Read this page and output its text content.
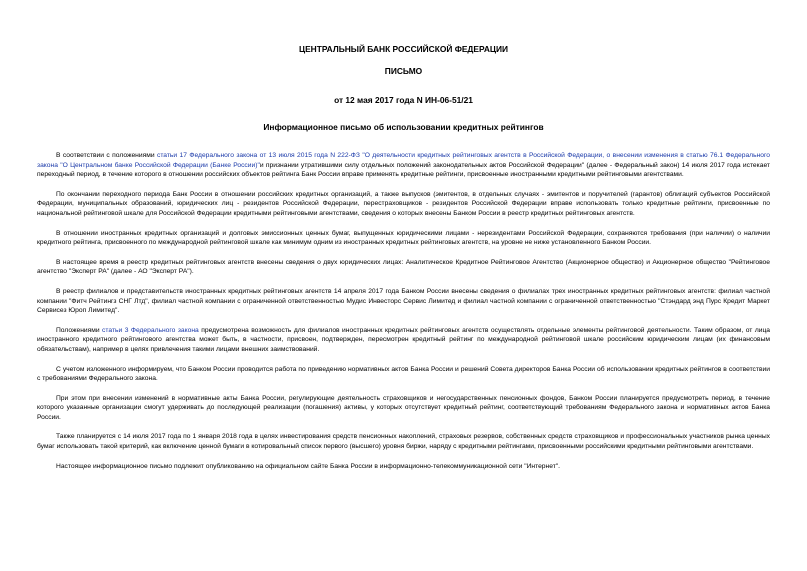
ЦЕНТРАЛЬНЫЙ БАНК РОССИЙСКОЙ ФЕДЕРАЦИИ
ПИСЬМО
от 12 мая 2017 года N ИН-06-51/21
Информационное письмо об использовании кредитных рейтингов

В соответствии с положениями статьи 17 Федерального закона от 13 июля 2015 года N 222-ФЗ "О деятельности кредитных рейтинговых агентств в Российской Федерации, о внесении изменения в статью 76.1 Федерального закона "О Центральном банке Российской Федерации (Банке России)"и признании утратившими силу отдельных положений законодательных актов Российской Федерации" (далее - Федеральный закон) 14 июля 2017 года истекает переходный период, в течение которого в отношении российских объектов рейтинга Банк России вправе применять кредитные рейтинги, присвоенные иностранными кредитными рейтинговыми агентствами.

По окончании переходного периода Банк России в отношении российских кредитных организаций, а также выпусков (эмитентов, в отдельных случаях - эмитентов и поручителей (гарантов) облигаций субъектов Российской Федерации, муниципальных образований, юридических лиц - резидентов Российской Федерации, перестраховщиков - резидентов Российской Федерации вправе использовать только кредитные рейтинги, присвоенные по национальной рейтинговой шкале для Российской Федерации кредитными рейтинговыми агентствами, сведения о которых внесены Банком России в реестр кредитных рейтинговых агентств.

В отношении иностранных кредитных организаций и долговых эмиссионных ценных бумаг, выпущенных юридическими лицами - нерезидентами Российской Федерации, сохраняются требования (при наличии) о наличии кредитного рейтинга, присвоенного по международной рейтинговой шкале как минимум одним из иностранных кредитных рейтинговых агентств, на уровне не ниже установленного Банком России.

В настоящее время в реестр кредитных рейтинговых агентств внесены сведения о двух юридических лицах: Аналитическое Кредитное Рейтинговое Агентство (Акционерное общество) и Акционерное общество "Рейтинговое агентство "Эксперт РА" (далее - АО "Эксперт РА").

В реестр филиалов и представительств иностранных кредитных рейтинговых агентств 14 апреля 2017 года Банком России внесены сведения о филиалах трех иностранных кредитных рейтинговых агентств: филиал частной компании "Фитч Рейтингз СНГ Лтд", филиал частной компании с ограниченной ответственностью Мудис Инвесторс Сервис Лимитед и филиал частной компании с ограниченной ответственностью "Стэндард энд Пурс Кредит Маркет Сервисез Юроп Лимитед".

Положениями статьи 3 Федерального закона предусмотрена возможность для филиалов иностранных кредитных рейтинговых агентств осуществлять отдельные элементы рейтинговой деятельности. Таким образом, от лица иностранного кредитного рейтингового агентства может быть, в частности, присвоен, подтвержден, пересмотрен кредитный рейтинг по международной рейтинговой шкале российским юридическим лицам (их финансовым обязательствам), например в целях привлечения такими лицами внешних заимствований.

С учетом изложенного информируем, что Банком России проводится работа по приведению нормативных актов Банка России и решений Совета директоров Банка России об использовании кредитных рейтингов в соответствии с требованиями Федерального закона.

При этом при внесении изменений в нормативные акты Банка России, регулирующие деятельность страховщиков и негосударственных пенсионных фондов, Банком России планируется предусмотреть период, в течение которого указанные организации смогут удерживать до последующей реализации (погашения) активы, у которых отсутствует кредитный рейтинг, соответствующий требованиям Федерального закона и нормативных актов Банка России.

Также планируется с 14 июля 2017 года по 1 января 2018 года в целях инвестирования средств пенсионных накоплений, страховых резервов, собственных средств страховщиков и профессиональных участников рынка ценных бумаг использовать такой критерий, как включение ценной бумаги в котировальный список первого (высшего) уровня биржи, наряду с кредитными рейтингами, присвоенными российскими кредитными рейтинговыми агентствами.

Настоящее информационное письмо подлежит опубликованию на официальном сайте Банка России в информационно-телекоммуникационной сети "Интернет".
